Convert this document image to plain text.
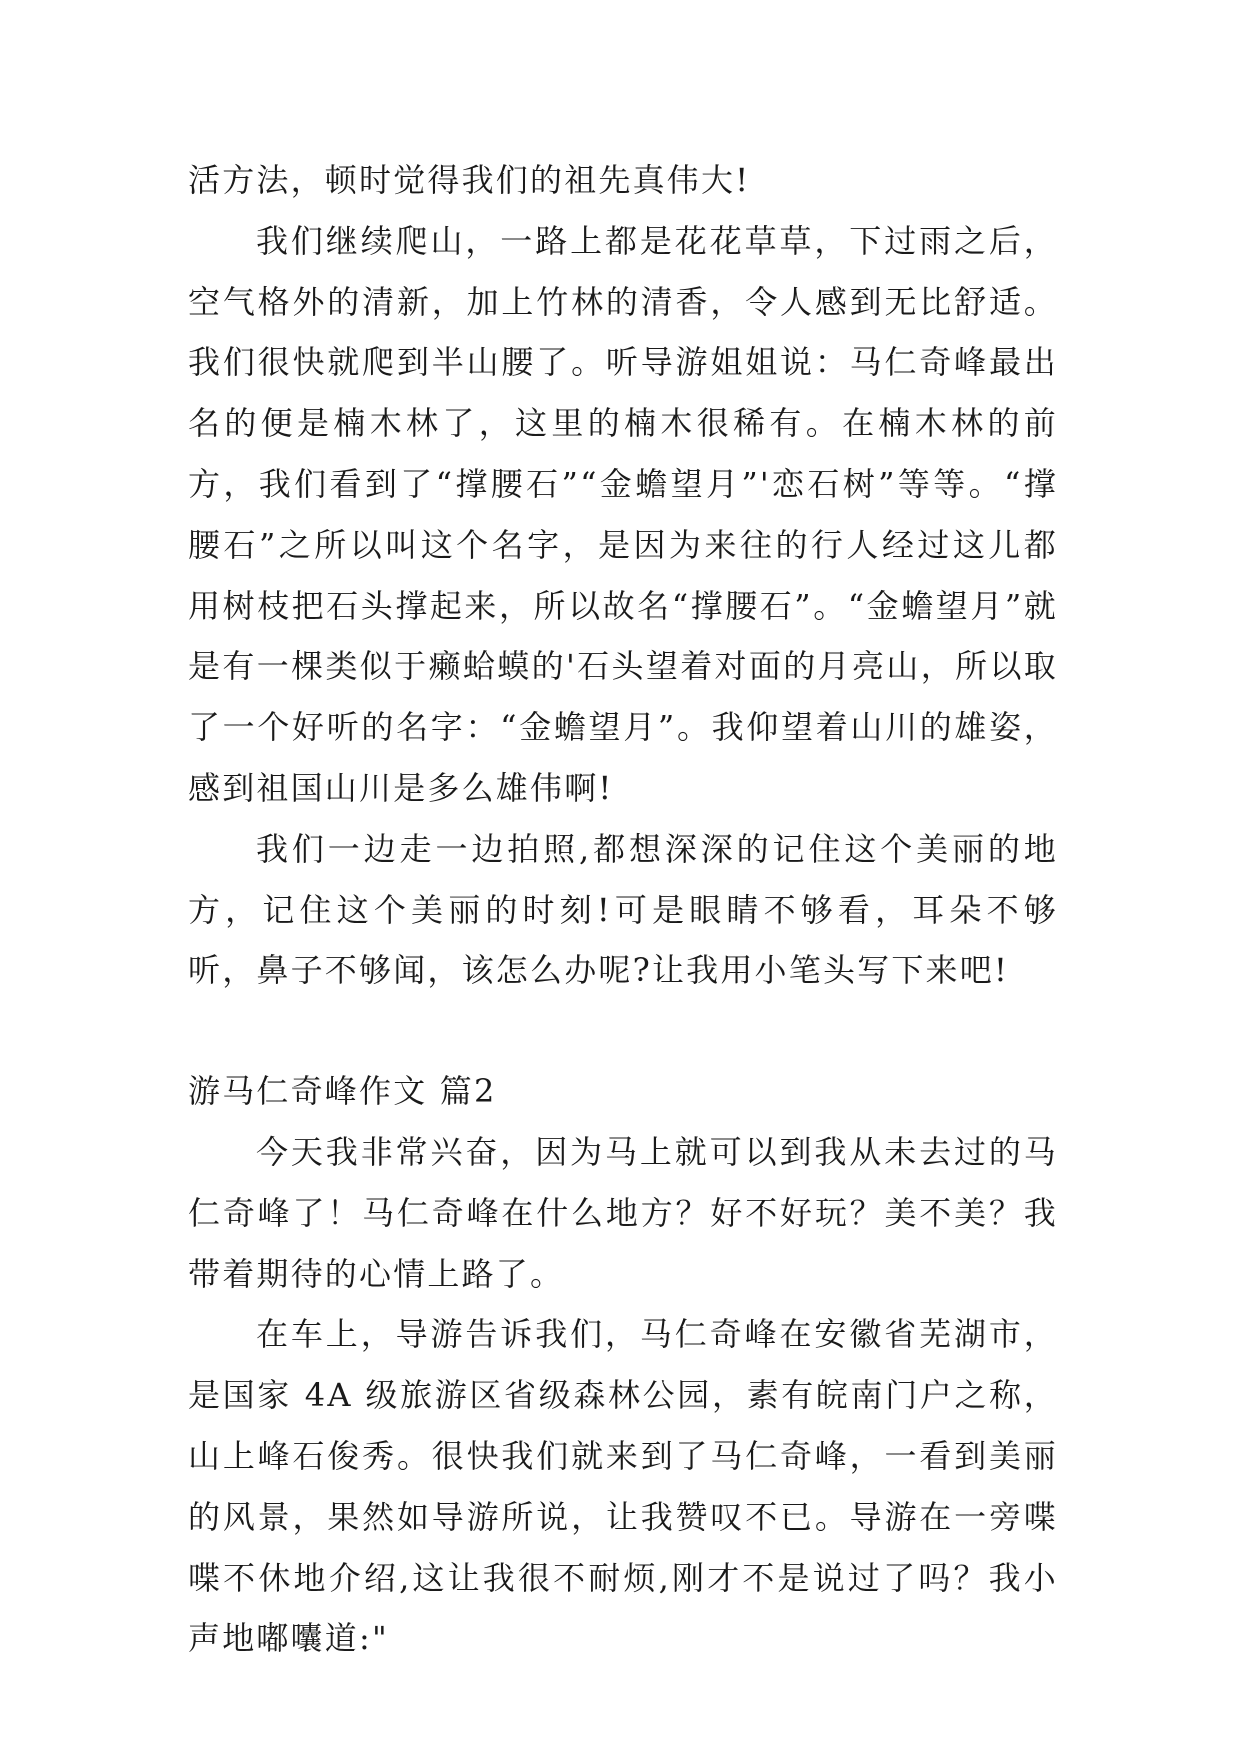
活方法，顿时觉得我们的祖先真伟大!

我们继续爬山，一路上都是花花草草，下过雨之后，空气格外的清新，加上竹林的清香，令人感到无比舒适。我们很快就爬到半山腰了。听导游姐姐说：马仁奇峰最出名的便是楠木林了，这里的楠木很稀有。在楠木林的前方，我们看到了“撑腰石”“金蟾望月”'恋石树”等等。“撑腰石”之所以叫这个名字，是因为来往的行人经过这儿都用树枝把石头撑起来，所以故名“撑腰石”。“金蟾望月”就是有一棵类似于癞蛤蟆的'石头望着对面的月亮山，所以取了一个好听的名字：“金蟾望月”。我仰望着山川的雄姿，感到祖国山川是多么雄伟啊!

我们一边走一边拍照,都想深深的记住这个美丽的地方，记住这个美丽的时刻!可是眼睛不够看，耳朵不够听，鼻子不够闻，该怎么办呢?让我用小笔头写下来吧!

游马仁奇峰作文 篇2

今天我非常兴奋，因为马上就可以到我从未去过的马仁奇峰了！马仁奇峰在什么地方？好不好玩？美不美？我带着期待的心情上路了。

在车上，导游告诉我们，马仁奇峰在安徽省芜湖市，是国家 4A 级旅游区省级森林公园，素有皖南门户之称，山上峰石俊秀。很快我们就来到了马仁奇峰，一看到美丽的风景，果然如导游所说，让我赞叹不已。导游在一旁喋喋不休地介绍,这让我很不耐烦,刚才不是说过了吗？我小声地嘟囔道:"
